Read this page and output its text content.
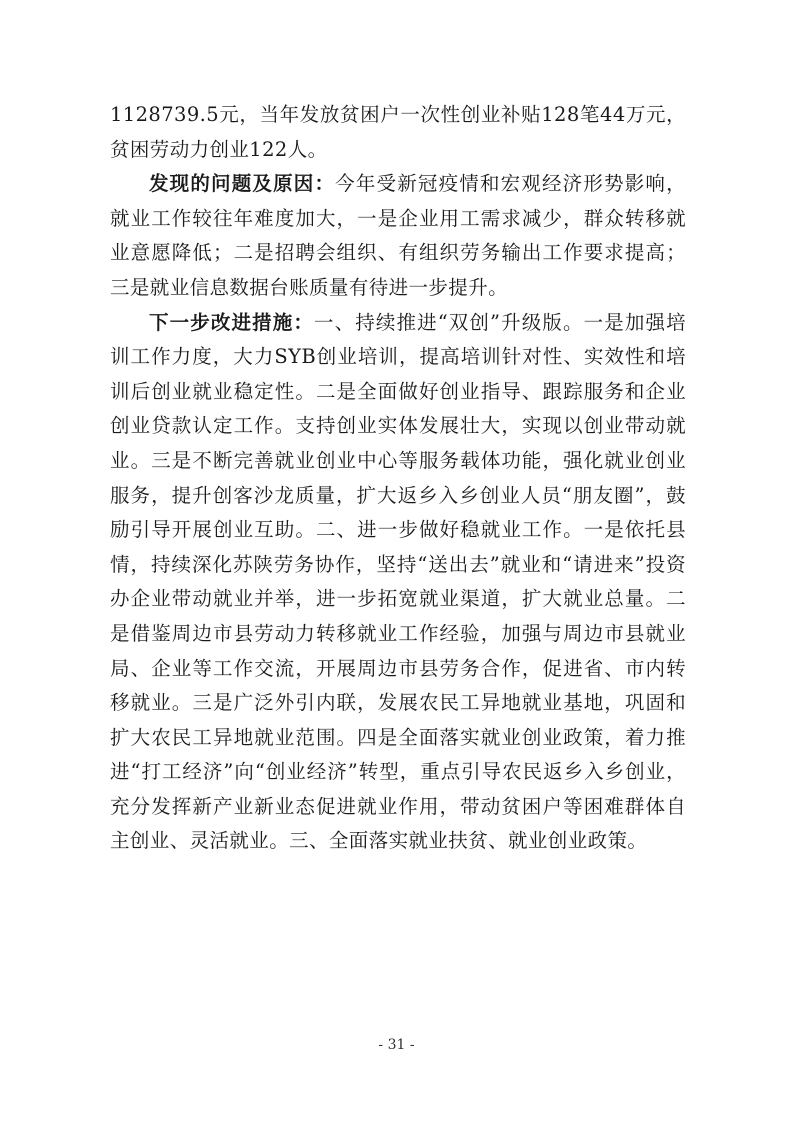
1128739.5元，当年发放贫困户一次性创业补贴128笔44万元，贫困劳动力创业122人。

发现的问题及原因：今年受新冠疫情和宏观经济形势影响，就业工作较往年难度加大，一是企业用工需求减少，群众转移就业意愿降低；二是招聘会组织、有组织劳务输出工作要求提高；三是就业信息数据台账质量有待进一步提升。

下一步改进措施：一、持续推进“双创”升级版。一是加强培训工作力度，大力SYB创业培训，提高培训针对性、实效性和培训后创业就业稳定性。二是全面做好创业指导、跟踪服务和企业创业贷款认定工作。支持创业实体发展壮大，实现以创业带动就业。三是不断完善就业创业中心等服务载体功能，强化就业创业服务，提升创客沙龙质量，扩大返乡入乡创业人员“朋友圈”，鼓励引导开展创业互助。二、进一步做好稳就业工作。一是依托县情，持续深化苏陕劳务协作，坚持“送出去”就业和“请进来”投资办企业带动就业并举，进一步拓宽就业渠道，扩大就业总量。二是借鉴周边市县劳动力转移就业工作经验，加强与周边市县就业局、企业等工作交流，开展周边市县劳务合作，促进省、市内转移就业。三是广泛外引内联，发展农民工异地就业基地，巩固和扩大农民工异地就业范围。四是全面落实就业创业政策，着力推进“打工经济”向“创业经济”转型，重点引导农民返乡入乡创业，充分发挥新产业新业态促进就业作用，带动贫困户等困难群体自主创业、灵活就业。三、全面落实就业扶贫、就业创业政策。

- 31 -
